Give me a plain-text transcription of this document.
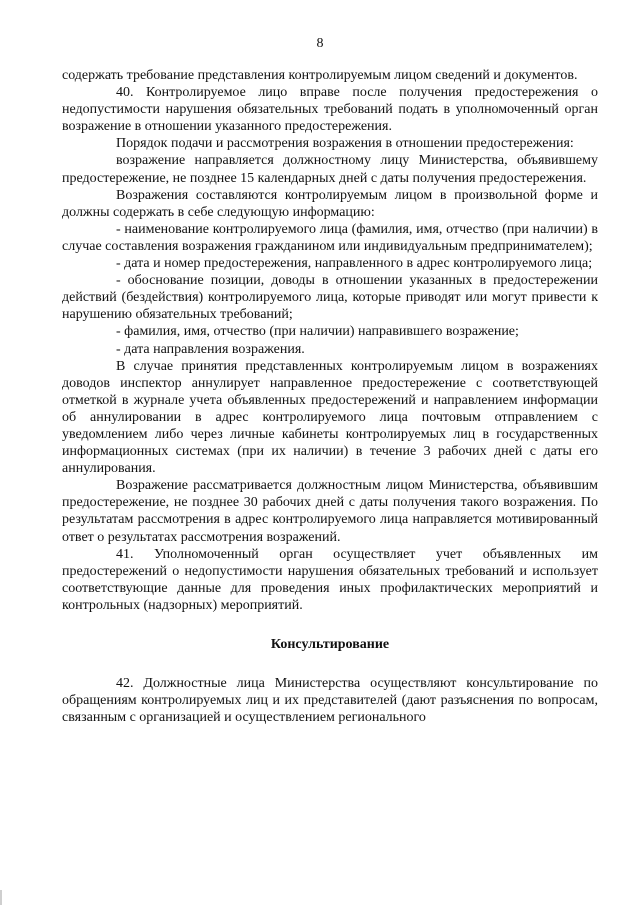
8

содержать требование представления контролируемым лицом сведений и документов.

40. Контролируемое лицо вправе после получения предостережения о недопустимости нарушения обязательных требований подать в уполномоченный орган возражение в отношении указанного предостережения.

Порядок подачи и рассмотрения возражения в отношении предостережения:

возражение направляется должностному лицу Министерства, объявившему предостережение, не позднее 15 календарных дней с даты получения предостережения.

Возражения составляются контролируемым лицом в произвольной форме и должны содержать в себе следующую информацию:

- наименование контролируемого лица (фамилия, имя, отчество (при наличии) в случае составления возражения гражданином или индивидуальным предпринимателем);

- дата и номер предостережения, направленного в адрес контролируемого лица;

- обоснование позиции, доводы в отношении указанных в предостережении действий (бездействия) контролируемого лица, которые приводят или могут привести к нарушению обязательных требований;

- фамилия, имя, отчество (при наличии) направившего возражение;

- дата направления возражения.

В случае принятия представленных контролируемым лицом в возражениях доводов инспектор аннулирует направленное предостережение с соответствующей отметкой в журнале учета объявленных предостережений и направлением информации об аннулировании в адрес контролируемого лица почтовым отправлением с уведомлением либо через личные кабинеты контролируемых лиц в государственных информационных системах (при их наличии) в течение 3 рабочих дней с даты его аннулирования.

Возражение рассматривается должностным лицом Министерства, объявившим предостережение, не позднее 30 рабочих дней с даты получения такого возражения. По результатам рассмотрения в адрес контролируемого лица направляется мотивированный ответ о результатах рассмотрения возражений.

41. Уполномоченный орган осуществляет учет объявленных им предостережений о недопустимости нарушения обязательных требований и использует соответствующие данные для проведения иных профилактических мероприятий и контрольных (надзорных) мероприятий.

Консультирование

42. Должностные лица Министерства осуществляют консультирование по обращениям контролируемых лиц и их представителей (дают разъяснения по вопросам, связанным с организацией и осуществлением регионального
